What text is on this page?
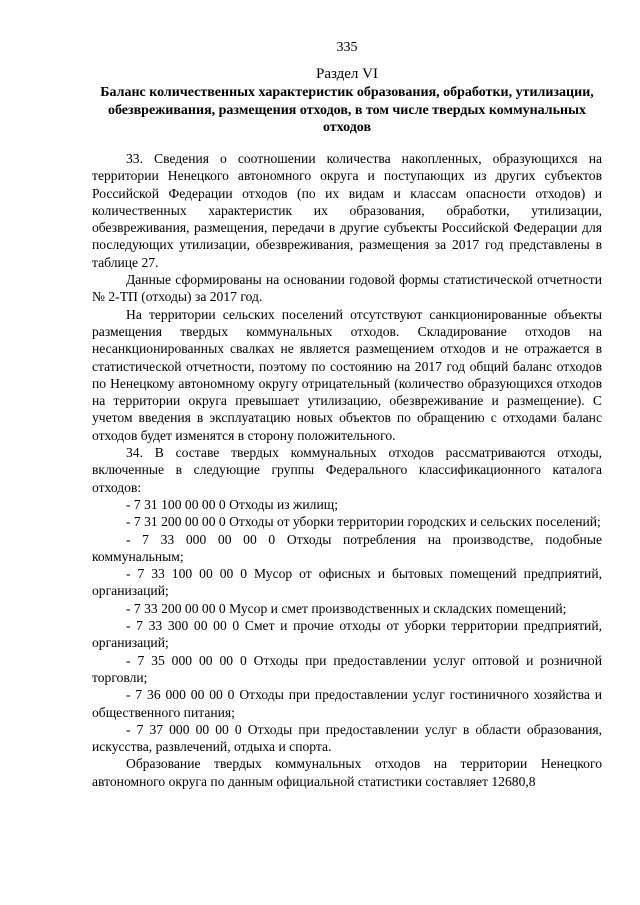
335
Раздел VI
Баланс количественных характеристик образования, обработки, утилизации, обезвреживания, размещения отходов, в том числе твердых коммунальных отходов

33. Сведения о соотношении количества накопленных, образующихся на территории Ненецкого автономного округа и поступающих из других субъектов Российской Федерации отходов (по их видам и классам опасности отходов) и количественных характеристик их образования, обработки, утилизации, обезвреживания, размещения, передачи в другие субъекты Российской Федерации для последующих утилизации, обезвреживания, размещения за 2017 год представлены в таблице 27.

Данные сформированы на основании годовой формы статистической отчетности № 2-ТП (отходы) за 2017 год.

На территории сельских поселений отсутствуют санкционированные объекты размещения твердых коммунальных отходов. Складирование отходов на несанкционированных свалках не является размещением отходов и не отражается в статистической отчетности, поэтому по состоянию на 2017 год общий баланс отходов по Ненецкому автономному округу отрицательный (количество образующихся отходов на территории округа превышает утилизацию, обезвреживание и размещение). С учетом введения в эксплуатацию новых объектов по обращению с отходами баланс отходов будет изменятся в сторону положительного.

34. В составе твердых коммунальных отходов рассматриваются отходы, включенные в следующие группы Федерального классификационного каталога отходов:

- 7 31 100 00 00 0 Отходы из жилищ;

- 7 31 200 00 00 0 Отходы от уборки территории городских и сельских поселений;

- 7 33 000 00 00 0 Отходы потребления на производстве, подобные коммунальным;

- 7 33 100 00 00 0 Мусор от офисных и бытовых помещений предприятий, организаций;

- 7 33 200 00 00 0 Мусор и смет производственных и складских помещений;

- 7 33 300 00 00 0 Смет и прочие отходы от уборки территории предприятий, организаций;

- 7 35 000 00 00 0 Отходы при предоставлении услуг оптовой и розничной торговли;

- 7 36 000 00 00 0 Отходы при предоставлении услуг гостиничного хозяйства и общественного питания;

- 7 37 000 00 00 0 Отходы при предоставлении услуг в области образования, искусства, развлечений, отдыха и спорта.

Образование твердых коммунальных отходов на территории Ненецкого автономного округа по данным официальной статистики составляет 12680,8
